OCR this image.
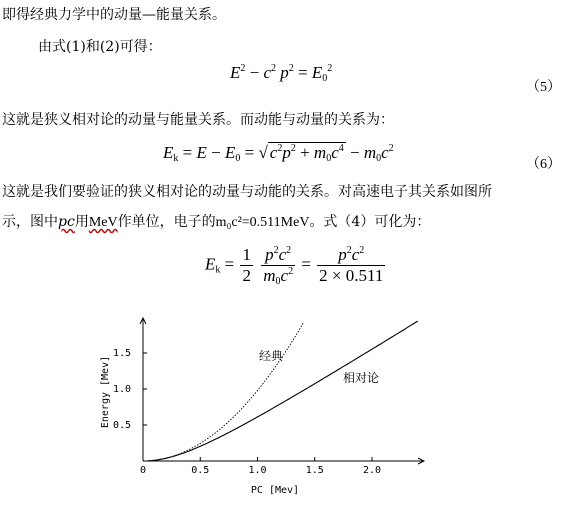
即得经典力学中的动量—能量关系。
由式(1)和(2)可得：
$E^2 - c^2$ $p^2 = E_0^2$
（5）
这就是狭义相对论的动量与能量关系。而动能与动量的关系为：
$E_k = E - E_0$ = √ $c^2p^2 + m_0c^4 - m_0c^2$
（6）
这就是我们要验证的狭义相对论的动量与动能的关系。对高速电子其关系如图所
示，图中pc用MeV作单位，电子的m₀c²=0.511MeV。式（4）可化为：
$E_k = \frac{1}{2}$
$\frac{p^2c^2}{m_0c^2} = \frac{p^2c^2}{2 \times 0.511}$
0	0.5	1.0	1.5	2.0
0.5
1.0
1.5	经典
相对论
PC [Mev]
Energy [Mev]
